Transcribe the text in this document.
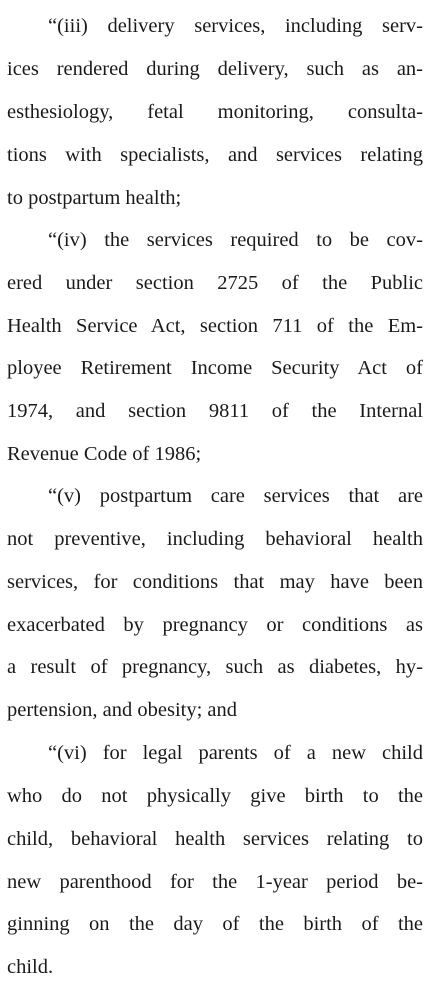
“(iii) delivery services, including serv-
ices rendered during delivery, such as an-
esthesiology, fetal monitoring, consulta-
tions with specialists, and services relating
to postpartum health;
“(iv) the services required to be cov-
ered under section 2725 of the Public
Health Service Act, section 711 of the Em-
ployee Retirement Income Security Act of
1974, and section 9811 of the Internal
Revenue Code of 1986;
“(v) postpartum care services that are
not preventive, including behavioral health
services, for conditions that may have been
exacerbated by pregnancy or conditions as
a result of pregnancy, such as diabetes, hy-
pertension, and obesity; and
“(vi) for legal parents of a new child
who do not physically give birth to the
child, behavioral health services relating to
new parenthood for the 1-year period be-
ginning on the day of the birth of the
child.
